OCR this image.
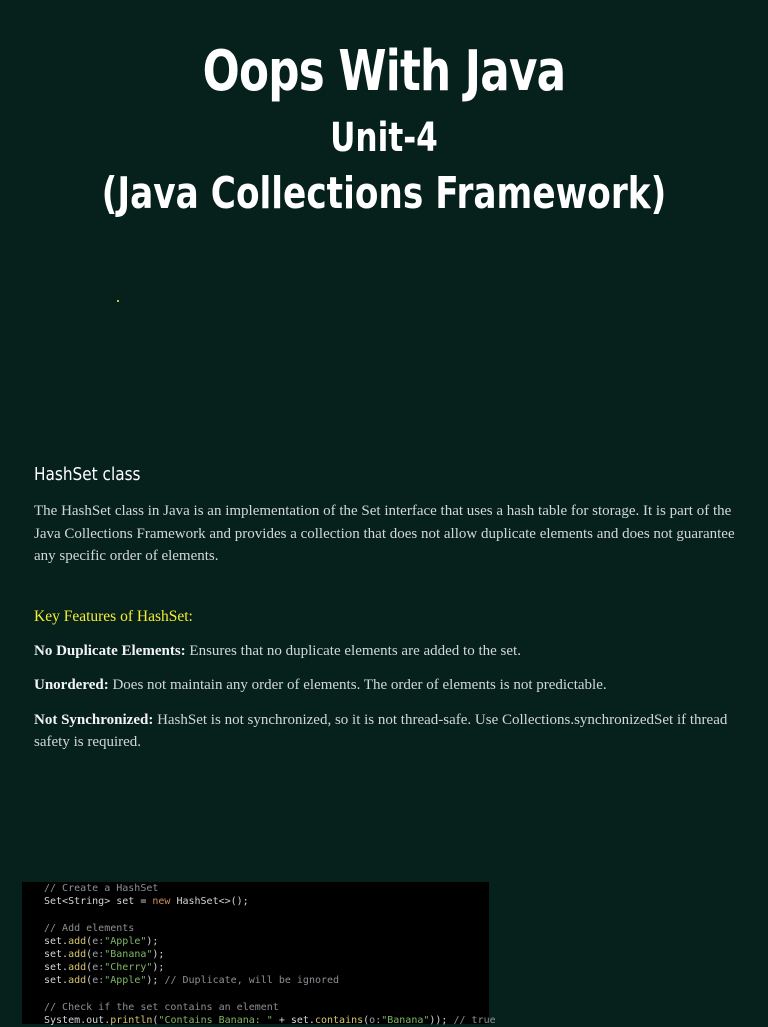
Oops With Java
Unit-4
(Java Collections Framework)
HashSet class

The HashSet class in Java is an implementation of the Set interface that uses a hash table for storage. It is part of the Java Collections Framework and provides a collection that does not allow duplicate elements and does not guarantee any specific order of elements.

Key Features of HashSet:
No Duplicate Elements: Ensures that no duplicate elements are added to the set.
Unordered: Does not maintain any order of elements. The order of elements is not predictable.
Not Synchronized: HashSet is not synchronized, so it is not thread-safe. Use Collections.synchronizedSet if thread safety is required.
// Create a HashSet
Set<String> set = new HashSet<>();

// Add elements
set.add(e:"Apple");
set.add(e:"Banana");
set.add(e:"Cherry");
set.add(e:"Apple"); // Duplicate, will be ignored

// Check if the set contains an element
System.out.println("Contains Banana: " + set.contains(o:"Banana")); // true
